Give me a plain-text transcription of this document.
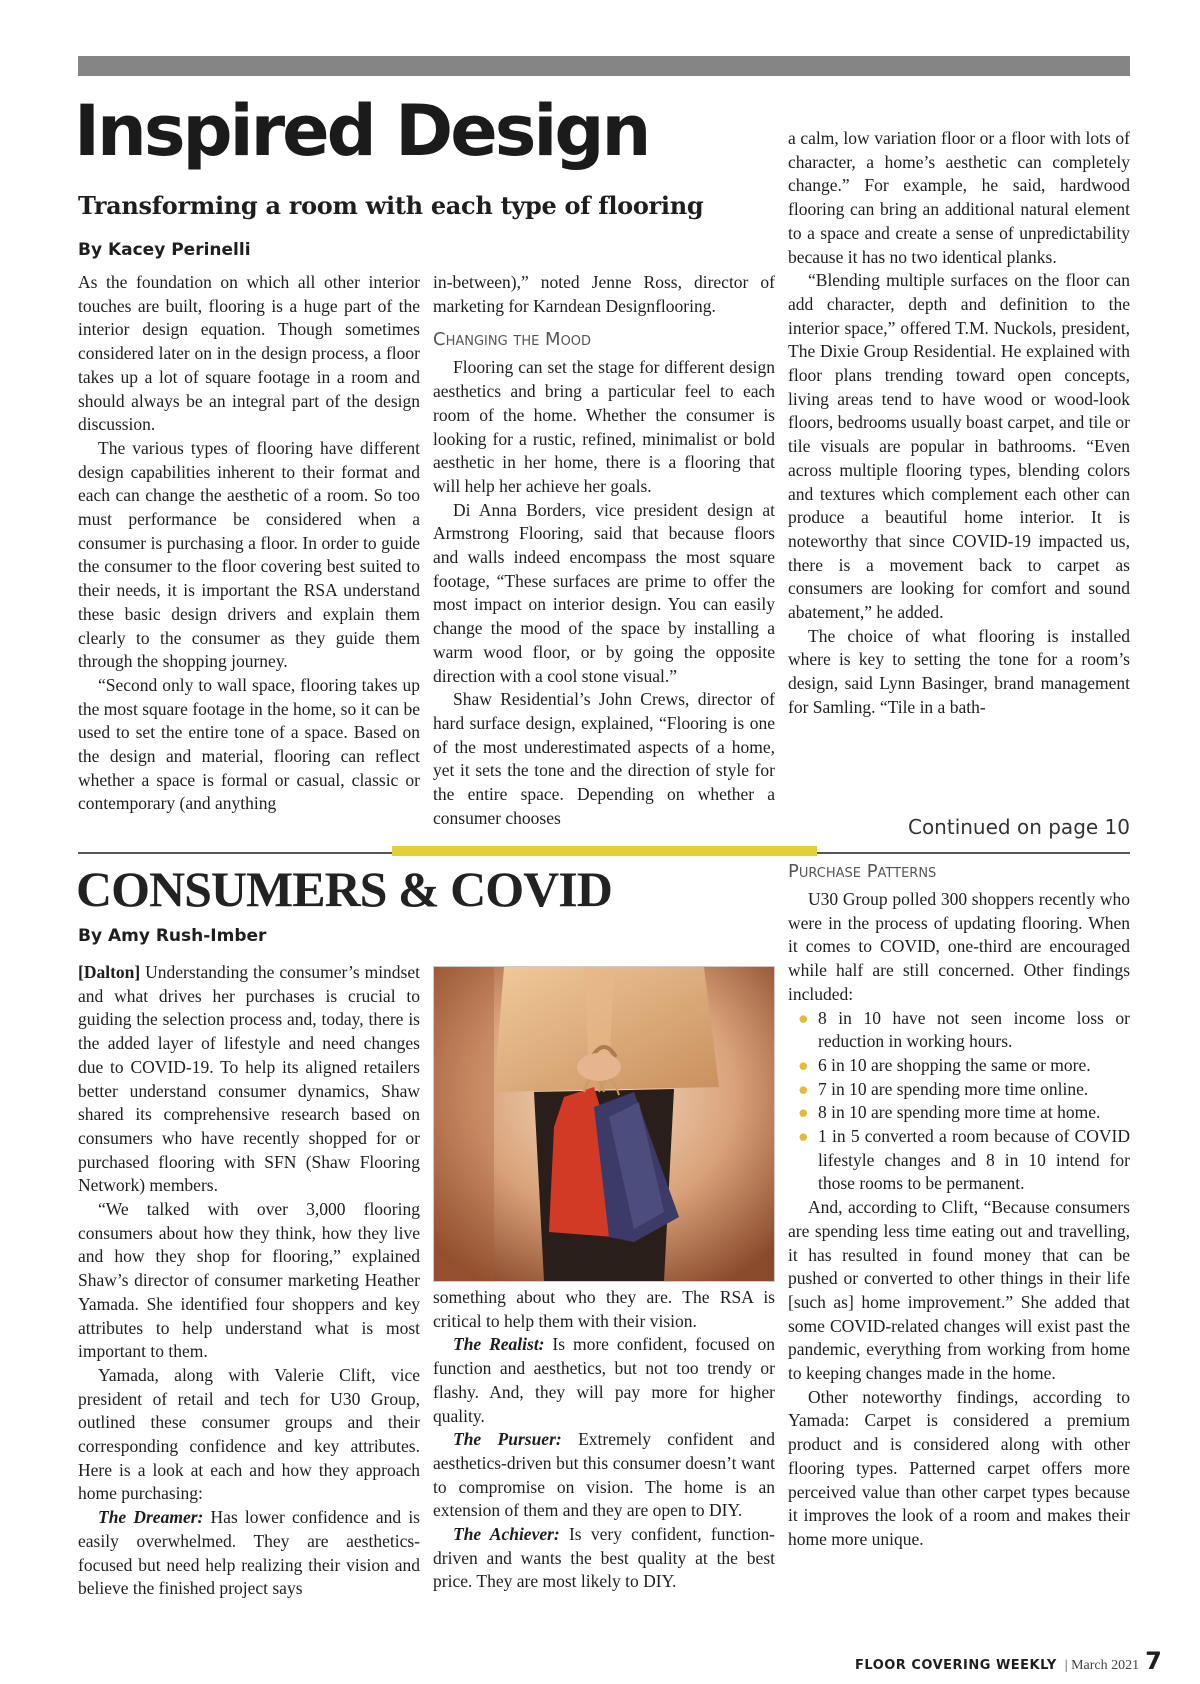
Inspired Design
Transforming a room with each type of flooring

By Kacey Perinelli

As the foundation on which all other interior touches are built, flooring is a huge part of the interior design equation. Though sometimes considered later on in the design process, a floor takes up a lot of square footage in a room and should always be an integral part of the design discussion.

The various types of flooring have different design capabilities inherent to their format and each can change the aesthetic of a room. So too must performance be considered when a consumer is purchasing a floor. In order to guide the consumer to the floor covering best suited to their needs, it is important the RSA understand these basic design drivers and explain them clearly to the consumer as they guide them through the shopping journey.

“Second only to wall space, flooring takes up the most square footage in the home, so it can be used to set the entire tone of a space. Based on the design and material, flooring can reflect whether a space is formal or casual, classic or contemporary (and anything

in-between),” noted Jenne Ross, director of marketing for Karndean Designflooring.

Changing the Mood

Flooring can set the stage for different design aesthetics and bring a particular feel to each room of the home. Whether the consumer is looking for a rustic, refined, minimalist or bold aesthetic in her home, there is a flooring that will help her achieve her goals.

Di Anna Borders, vice president design at Armstrong Flooring, said that because floors and walls indeed encompass the most square footage, “These surfaces are prime to offer the most impact on interior design. You can easily change the mood of the space by installing a warm wood floor, or by going the opposite direction with a cool stone visual.”

Shaw Residential’s John Crews, director of hard surface design, explained, “Flooring is one of the most underestimated aspects of a home, yet it sets the tone and the direction of style for the entire space. Depending on whether a consumer chooses

a calm, low variation floor or a floor with lots of character, a home’s aesthetic can completely change.” For example, he said, hardwood flooring can bring an additional natural element to a space and create a sense of unpredictability because it has no two identical planks.

“Blending multiple surfaces on the floor can add character, depth and definition to the interior space,” offered T.M. Nuckols, president, The Dixie Group Residential. He explained with floor plans trending toward open concepts, living areas tend to have wood or wood-look floors, bedrooms usually boast carpet, and tile or tile visuals are popular in bathrooms. “Even across multiple flooring types, blending colors and textures which complement each other can produce a beautiful home interior. It is noteworthy that since COVID-19 impacted us, there is a movement back to carpet as consumers are looking for comfort and sound abatement,” he added.

The choice of what flooring is installed where is key to setting the tone for a room’s design, said Lynn Basinger, brand management for Samling. “Tile in a bath-

Continued on page 10
CONSUMERS & COVID

By Amy Rush-Imber

[Dalton] Understanding the consumer’s mindset and what drives her purchases is crucial to guiding the selection process and, today, there is the added layer of lifestyle and need changes due to COVID-19. To help its aligned retailers better understand consumer dynamics, Shaw shared its comprehensive research based on consumers who have recently shopped for or purchased flooring with SFN (Shaw Flooring Network) members.

“We talked with over 3,000 flooring consumers about how they think, how they live and how they shop for flooring,” explained Shaw’s director of consumer marketing Heather Yamada. She identified four shoppers and key attributes to help understand what is most important to them.

Yamada, along with Valerie Clift, vice president of retail and tech for U30 Group, outlined these consumer groups and their corresponding confidence and key attributes. Here is a look at each and how they approach home purchasing:

The Dreamer: Has lower confidence and is easily overwhelmed. They are aesthetics-focused but need help realizing their vision and believe the finished project says

something about who they are. The RSA is critical to help them with their vision.

The Realist: Is more confident, focused on function and aesthetics, but not too trendy or flashy. And, they will pay more for higher quality.

The Pursuer: Extremely confident and aesthetics-driven but this consumer doesn’t want to compromise on vision. The home is an extension of them and they are open to DIY.

The Achiever: Is very confident, function-driven and wants the best quality at the best price. They are most likely to DIY.

Purchase Patterns

U30 Group polled 300 shoppers recently who were in the process of updating flooring. When it comes to COVID, one-third are encouraged while half are still concerned. Other findings included:

● 8 in 10 have not seen income loss or reduction in working hours.
● 6 in 10 are shopping the same or more.
● 7 in 10 are spending more time online.
● 8 in 10 are spending more time at home.
● 1 in 5 converted a room because of COVID lifestyle changes and 8 in 10 intend for those rooms to be permanent.

And, according to Clift, “Because consumers are spending less time eating out and travelling, it has resulted in found money that can be pushed or converted to other things in their life [such as] home improvement.” She added that some COVID-related changes will exist past the pandemic, everything from working from home to keeping changes made in the home.

Other noteworthy findings, according to Yamada: Carpet is considered a premium product and is considered along with other flooring types. Patterned carpet offers more perceived value than other carpet types because it improves the look of a room and makes their home more unique.

FLOOR COVERING WEEKLY | March 2021 7
